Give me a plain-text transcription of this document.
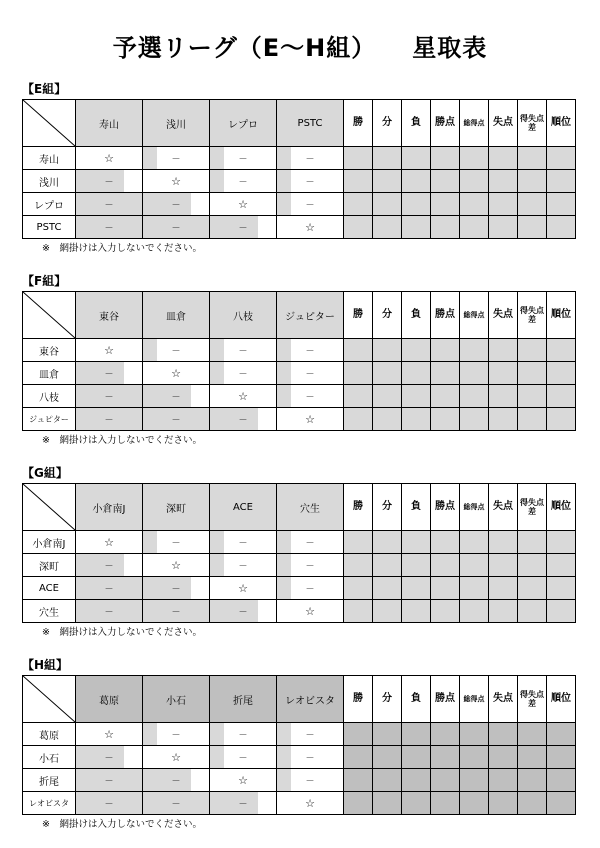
予選リーグ（E～H組） 星取表
【E組】
	寿山	浅川	レプロ	PSTC	勝	分	負	勝点	総得点	失点	得失点差	順位
寿山	☆	－	－	－								
浅川	－	☆	－	－								
レプロ	－	－	☆	－								
PSTC	－	－	－	☆								
※　網掛けは入力しないでください。
【F組】
	東谷	皿倉	八枝	ジュピター	勝	分	負	勝点	総得点	失点	得失点差	順位
東谷	☆	－	－	－								
皿倉	－	☆	－	－								
八枝	－	－	☆	－								
ジュピター	－	－	－	☆								
※　網掛けは入力しないでください。
【G組】
	小倉南J	深町	ACE	穴生	勝	分	負	勝点	総得点	失点	得失点差	順位
小倉南J	☆	－	－	－								
深町	－	☆	－	－								
ACE	－	－	☆	－								
穴生	－	－	－	☆								
※　網掛けは入力しないでください。
【H組】
	葛原	小石	折尾	レオビスタ	勝	分	負	勝点	総得点	失点	得失点差	順位
葛原	☆	－	－	－								
小石	－	☆	－	－								
折尾	－	－	☆	－								
レオビスタ	－	－	－	☆								
※　網掛けは入力しないでください。
